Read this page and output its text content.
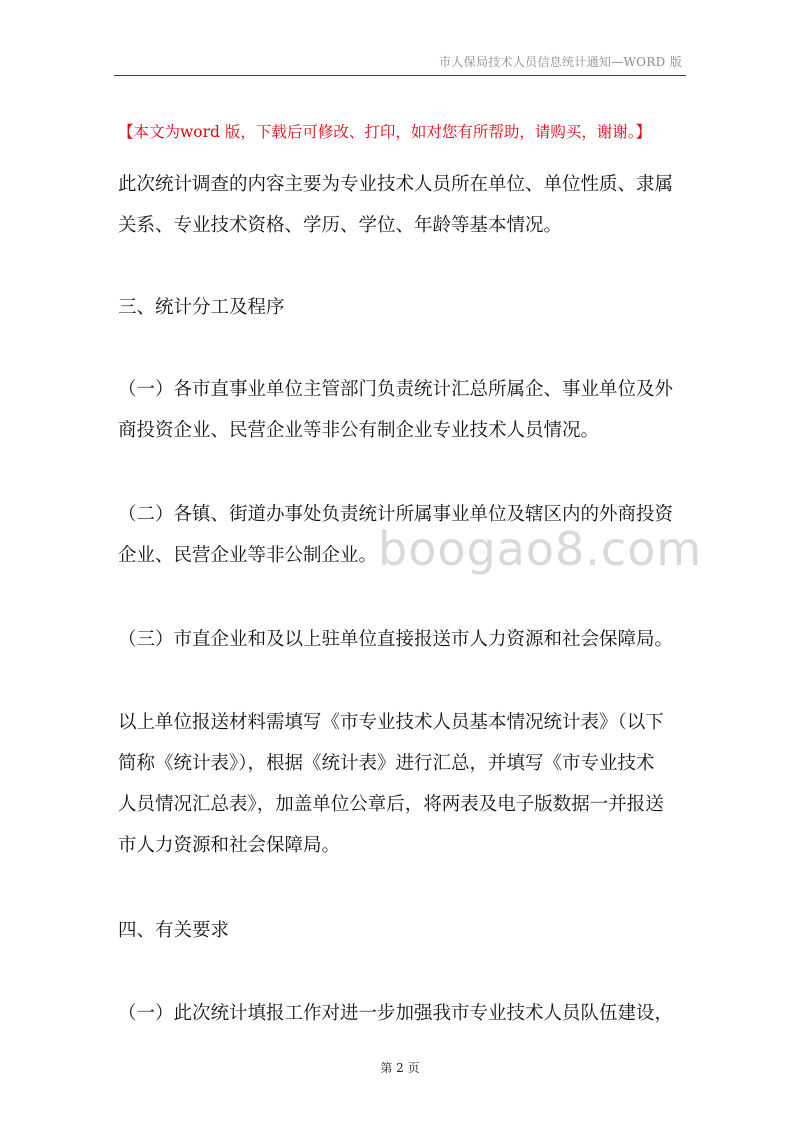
市人保局技术人员信息统计通知—WORD 版
boogao8.com
【本文为word 版，下载后可修改、打印，如对您有所帮助，请购买，谢谢。】
此次统计调查的内容主要为专业技术人员所在单位、单位性质、隶属
关系、专业技术资格、学历、学位、年龄等基本情况。
三、统计分工及程序
（一）各市直事业单位主管部门负责统计汇总所属企、事业单位及外
商投资企业、民营企业等非公有制企业专业技术人员情况。
（二）各镇、街道办事处负责统计所属事业单位及辖区内的外商投资
企业、民营企业等非公制企业。
（三）市直企业和及以上驻单位直接报送市人力资源和社会保障局。
以上单位报送材料需填写《市专业技术人员基本情况统计表》（以下
简称《统计表》），根据《统计表》进行汇总，并填写《市专业技术
人员情况汇总表》，加盖单位公章后，将两表及电子版数据一并报送
市人力资源和社会保障局。
四、有关要求
（一）此次统计填报工作对进一步加强我市专业技术人员队伍建设，
第 2 页
